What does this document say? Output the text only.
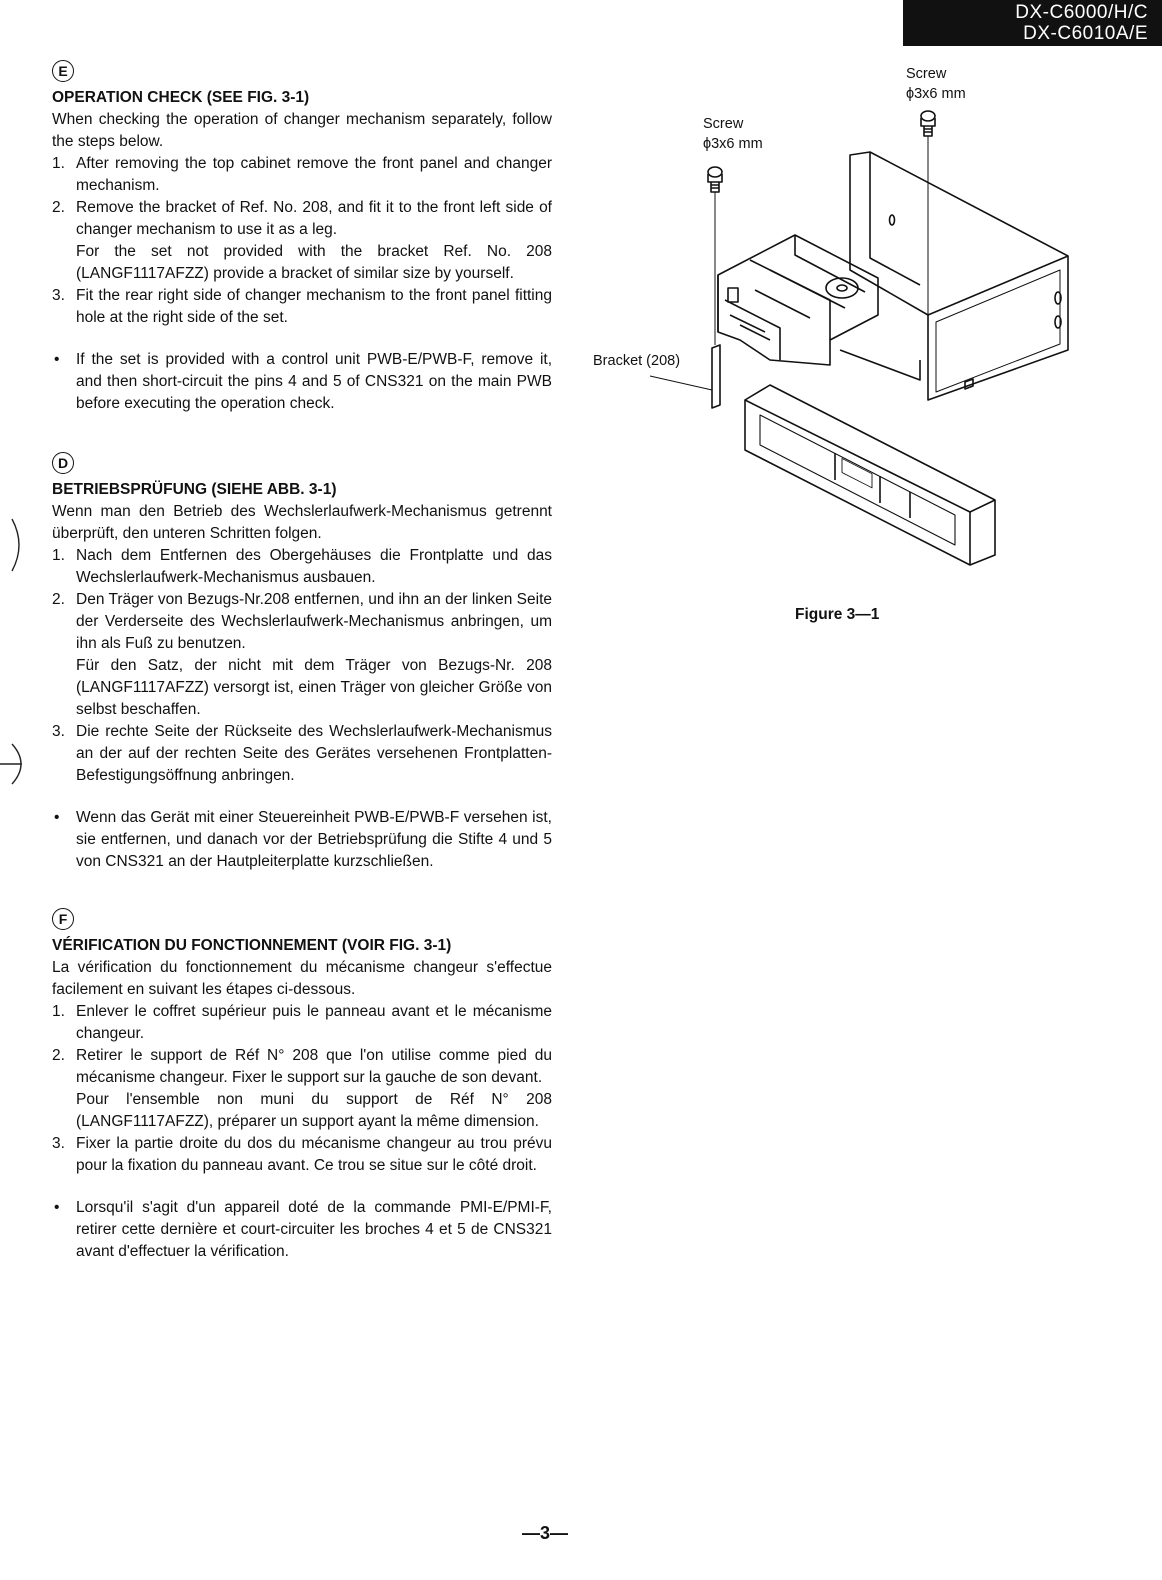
DX-C6000/H/C
DX-C6010A/E
E
OPERATION CHECK (SEE FIG. 3-1)

When checking the operation of changer mechanism separately, follow the steps below.

1. After removing the top cabinet remove the front panel and changer mechanism.
2. Remove the bracket of Ref. No. 208, and fit it to the front left side of changer mechanism to use it as a leg.
For the set not provided with the bracket Ref. No. 208 (LANGF1117AFZZ) provide a bracket of similar size by yourself.
3. Fit the rear right side of changer mechanism to the front panel fitting hole at the right side of the set.
• If the set is provided with a control unit PWB-E/PWB-F, remove it, and then short-circuit the pins 4 and 5 of CNS321 on the main PWB before executing the operation check.
D
BETRIEBSPRÜFUNG (SIEHE ABB. 3-1)

Wenn man den Betrieb des Wechslerlaufwerk-Mechanismus getrennt überprüft, den unteren Schritten folgen.

1. Nach dem Entfernen des Obergehäuses die Frontplatte und das Wechslerlaufwerk-Mechanismus ausbauen.
2. Den Träger von Bezugs-Nr.208 entfernen, und ihn an der linken Seite der Verderseite des Wechslerlaufwerk-Mechanismus anbringen, um ihn als Fuß zu benutzen.
Für den Satz, der nicht mit dem Träger von Bezugs-Nr. 208 (LANGF1117AFZZ) versorgt ist, einen Träger von gleicher Größe von selbst beschaffen.
3. Die rechte Seite der Rückseite des Wechslerlaufwerk-Mechanismus an der auf der rechten Seite des Gerätes versehenen Frontplatten-Befestigungsöffnung anbringen.
• Wenn das Gerät mit einer Steuereinheit PWB-E/PWB-F versehen ist, sie entfernen, und danach vor der Betriebsprüfung die Stifte 4 und 5 von CNS321 an der Hautpleiterplatte kurzschließen.
F
VÉRIFICATION DU FONCTIONNEMENT (VOIR FIG. 3-1)

La vérification du fonctionnement du mécanisme changeur s'effectue facilement en suivant les étapes ci-dessous.

1. Enlever le coffret supérieur puis le panneau avant et le mécanisme changeur.
2. Retirer le support de Réf N° 208 que l'on utilise comme pied du mécanisme changeur. Fixer le support sur la gauche de son devant.
Pour l'ensemble non muni du support de Réf N° 208 (LANGF1117AFZZ), préparer un support ayant la même dimension.
3. Fixer la partie droite du dos du mécanisme changeur au trou prévu pour la fixation du panneau avant. Ce trou se situe sur le côté droit.
• Lorsqu'il s'agit d'un appareil doté de la commande PMI-E/PMI-F, retirer cette dernière et court-circuiter les broches 4 et 5 de CNS321 avant d'effectuer la vérification.
Screw
ϕ3x6 mm
Screw
ϕ3x6 mm
Bracket (208)
Figure 3—1
—3—
